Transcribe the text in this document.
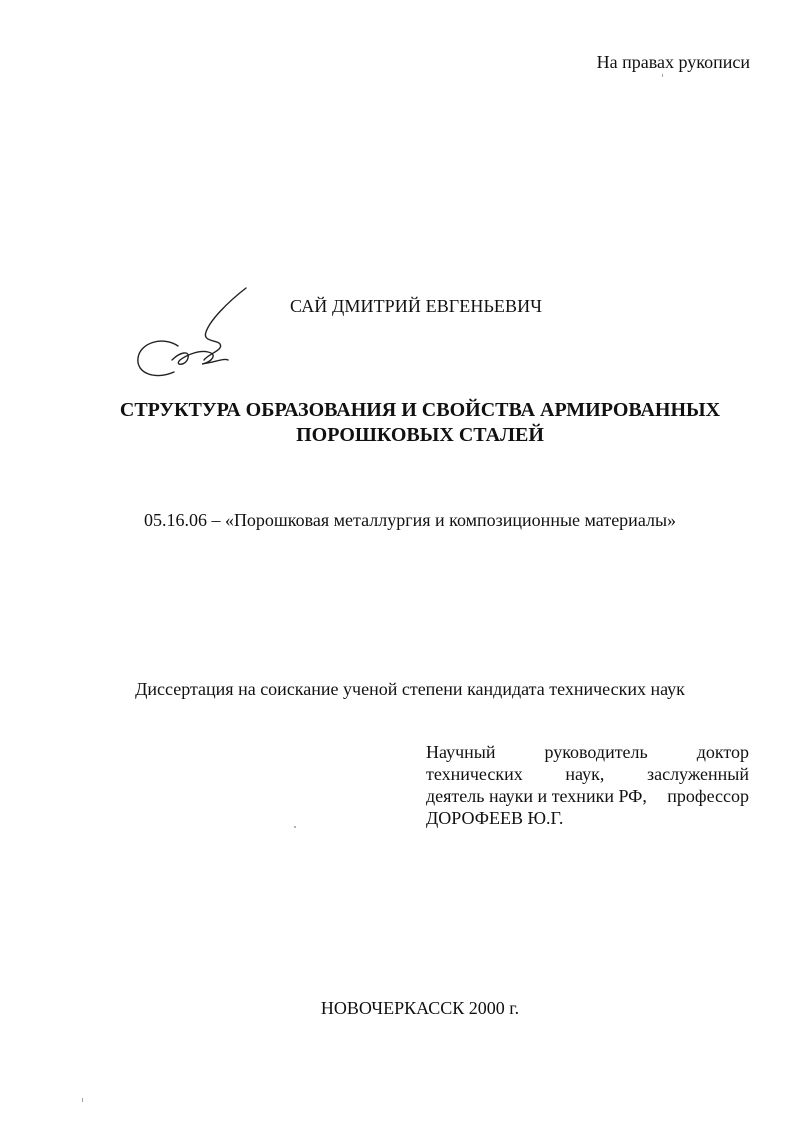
На правах рукописи
САЙ ДМИТРИЙ ЕВГЕНЬЕВИЧ
СТРУКТУРА ОБРАЗОВАНИЯ И СВОЙСТВА АРМИРОВАННЫХ
ПОРОШКОВЫХ СТАЛЕЙ
05.16.06 – «Порошковая металлургия и композиционные материалы»
Диссертация на соискание ученой степени кандидата технических наук
Научный	руководитель	доктор
технических наук, заслуженный
деятель науки и техники РФ, профессор
ДОРОФЕЕВ Ю.Г.
НОВОЧЕРКАССК 2000 г.
